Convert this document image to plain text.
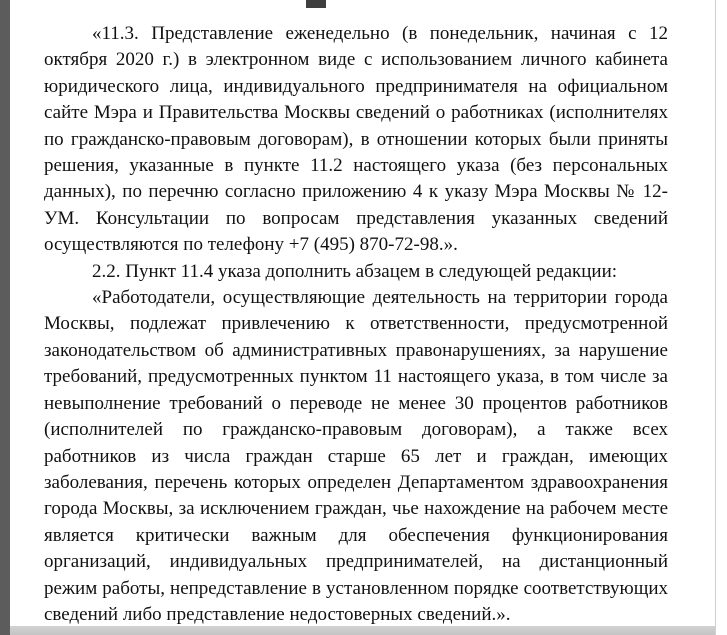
«11.3. Представление еженедельно (в понедельник, начиная с 12 октября 2020 г.) в электронном виде с использованием личного кабинета юридического лица, индивидуального предпринимателя на официальном сайте Мэра и Правительства Москвы сведений о работниках (исполнителях по гражданско-правовым договорам), в отношении которых были приняты решения, указанные в пункте 11.2 настоящего указа (без персональных данных), по перечню согласно приложению 4 к указу Мэра Москвы № 12-УМ. Консультации по вопросам представления указанных сведений осуществляются по телефону +7 (495) 870-72-98.».

2.2. Пункт 11.4 указа дополнить абзацем в следующей редакции:

«Работодатели, осуществляющие деятельность на территории города Москвы, подлежат привлечению к ответственности, предусмотренной законодательством об административных правонарушениях, за нарушение требований, предусмотренных пунктом 11 настоящего указа, в том числе за невыполнение требований о переводе не менее 30 процентов работников (исполнителей по гражданско-правовым договорам), а также всех работников из числа граждан старше 65 лет и граждан, имеющих заболевания, перечень которых определен Департаментом здравоохранения города Москвы, за исключением граждан, чье нахождение на рабочем месте является критически важным для обеспечения функционирования организаций, индивидуальных предпринимателей, на дистанционный режим работы, непредставление в установленном порядке соответствующих сведений либо представление недостоверных сведений.».
